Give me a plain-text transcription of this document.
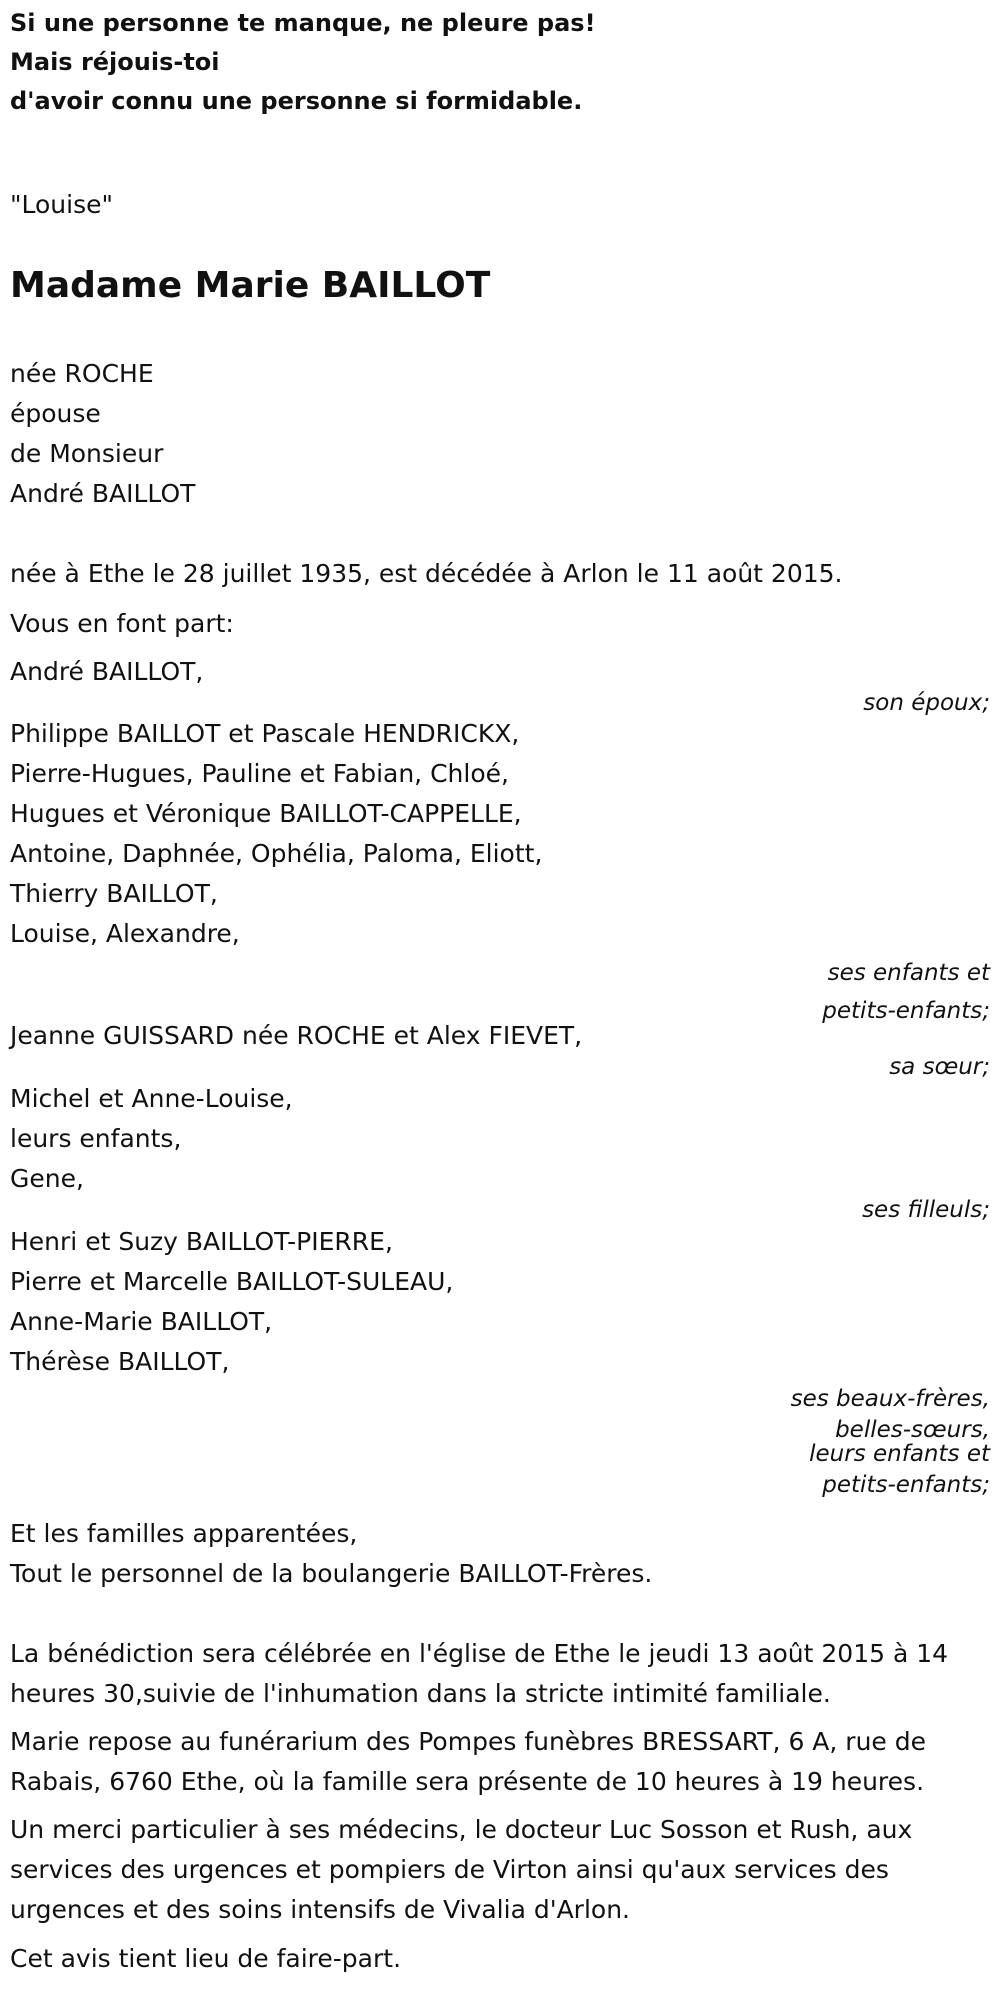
Si une personne te manque, ne pleure pas!
Mais réjouis-toi
d'avoir connu une personne si formidable.
"Louise"
Madame Marie BAILLOT
née ROCHE
épouse
de Monsieur
André BAILLOT
née à Ethe le 28 juillet 1935, est décédée à Arlon le 11 août 2015.
Vous en font part:
André BAILLOT,
son époux;
Philippe BAILLOT et Pascale HENDRICKX,
Pierre-Hugues, Pauline et Fabian, Chloé,
Hugues et Véronique BAILLOT-CAPPELLE,
Antoine, Daphnée, Ophélia, Paloma, Eliott,
Thierry BAILLOT,
Louise, Alexandre,
ses enfants et
petits-enfants;
Jeanne GUISSARD née ROCHE et Alex FIEVET,
sa sœur;
Michel et Anne-Louise,
leurs enfants,
Gene,
ses filleuls;
Henri et Suzy BAILLOT-PIERRE,
Pierre et Marcelle BAILLOT-SULEAU,
Anne-Marie BAILLOT,
Thérèse BAILLOT,
ses beaux-frères,
belles-sœurs,
leurs enfants et
petits-enfants;
Et les familles apparentées,
Tout le personnel de la boulangerie BAILLOT-Frères.
La bénédiction sera célébrée en l'église de Ethe le jeudi 13 août 2015 à 14
heures 30,suivie de l'inhumation dans la stricte intimité familiale.
Marie repose au funérarium des Pompes funèbres BRESSART, 6 A, rue de
Rabais, 6760 Ethe, où la famille sera présente de 10 heures à 19 heures.
Un merci particulier à ses médecins, le docteur Luc Sosson et Rush, aux
services des urgences et pompiers de Virton ainsi qu'aux services des
urgences et des soins intensifs de Vivalia d'Arlon.
Cet avis tient lieu de faire-part.
